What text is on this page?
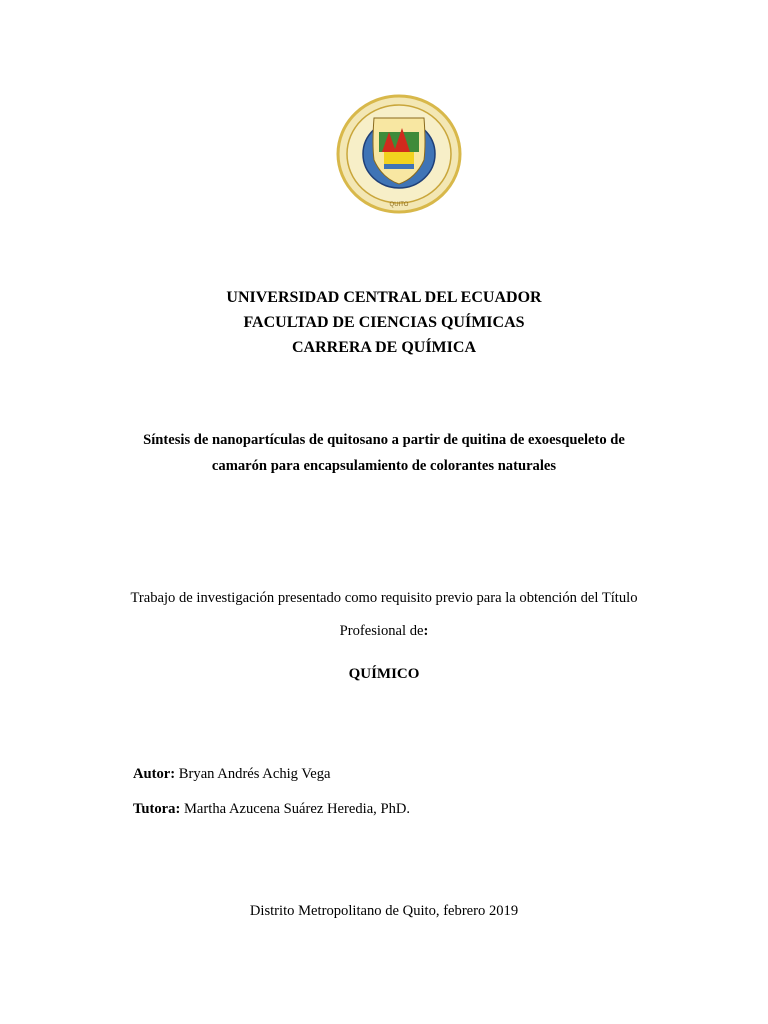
QUITO
UNIVERSIDAD CENTRAL DEL ECUADOR
FACULTAD DE CIENCIAS QUÍMICAS
CARRERA DE QUÍMICA
Síntesis de nanopartículas de quitosano a partir de quitina de exoesqueleto de
camarón para encapsulamiento de colorantes naturales
Trabajo de investigación presentado como requisito previo para la obtención del Título
Profesional de:
QUÍMICO
Autor: Bryan Andrés Achig Vega
Tutora: Martha Azucena Suárez Heredia, PhD.
Distrito Metropolitano de Quito, febrero 2019
